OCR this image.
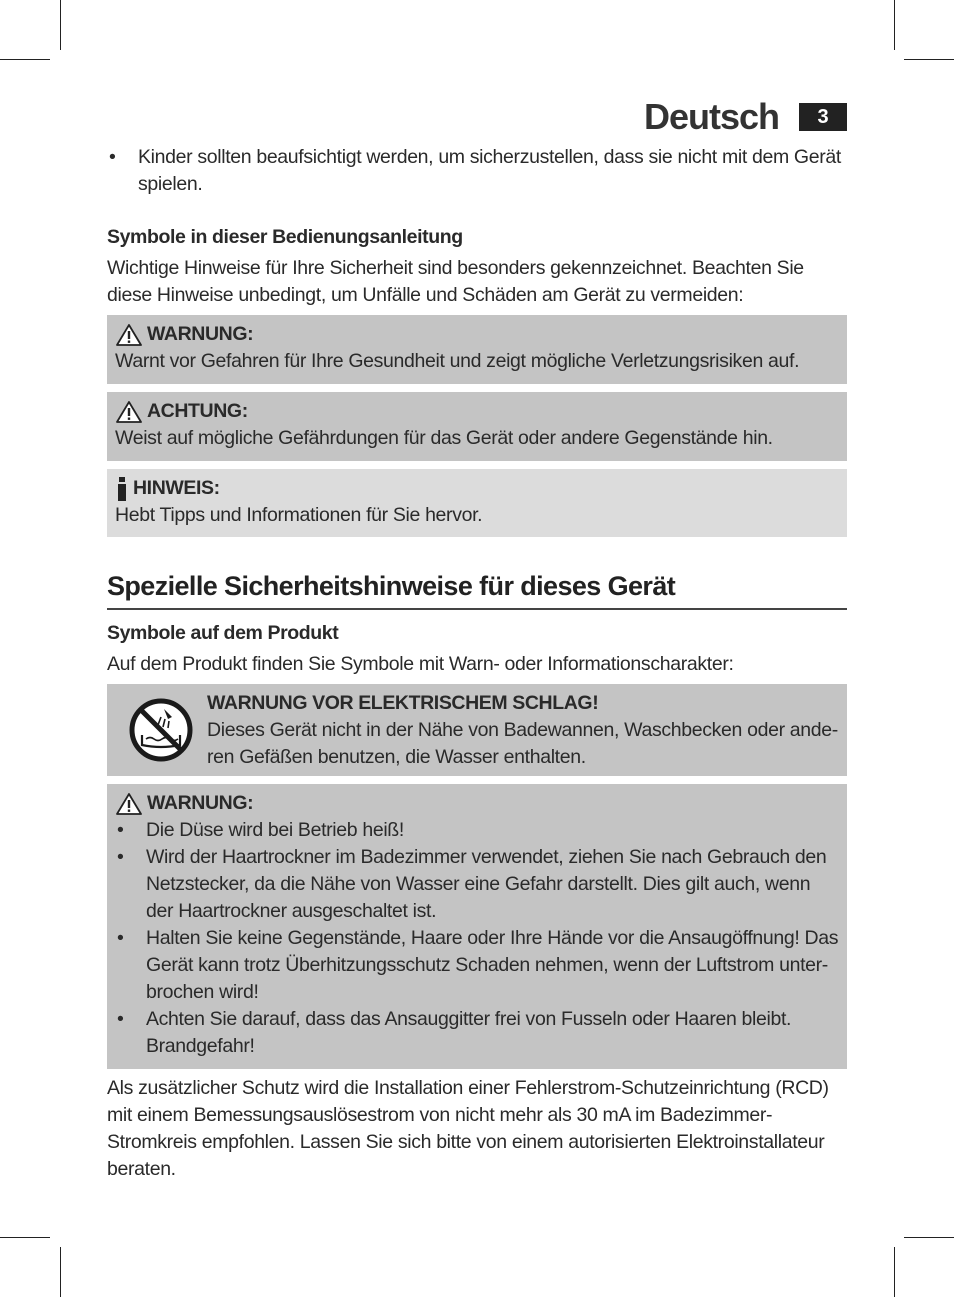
Deutsch	3
• Kinder sollten beaufsichtigt werden, um sicherzustellen, dass sie nicht mit dem Gerät spielen.
Symbole in dieser Bedienungsanleitung
Wichtige Hinweise für Ihre Sicherheit sind besonders gekennzeichnet. Beachten Sie diese Hinweise unbedingt, um Unfälle und Schäden am Gerät zu vermeiden:
WARNUNG:
Warnt vor Gefahren für Ihre Gesundheit und zeigt mögliche Verletzungsrisiken auf.
ACHTUNG:
Weist auf mögliche Gefährdungen für das Gerät oder andere Gegenstände hin.
HINWEIS:
Hebt Tipps und Informationen für Sie hervor.
Spezielle Sicherheitshinweise für dieses Gerät
Symbole auf dem Produkt
Auf dem Produkt finden Sie Symbole mit Warn- oder Informationscharakter:
WARNUNG VOR ELEKTRISCHEM SCHLAG!
Dieses Gerät nicht in der Nähe von Badewannen, Waschbecken oder anderen Gefäßen benutzen, die Wasser enthalten.
WARNUNG:
• Die Düse wird bei Betrieb heiß!
• Wird der Haartrockner im Badezimmer verwendet, ziehen Sie nach Gebrauch den Netzstecker, da die Nähe von Wasser eine Gefahr darstellt. Dies gilt auch, wenn der Haartrockner ausgeschaltet ist.
• Halten Sie keine Gegenstände, Haare oder Ihre Hände vor die Ansaugöffnung! Das Gerät kann trotz Überhitzungsschutz Schaden nehmen, wenn der Luftstrom unterbrochen wird!
• Achten Sie darauf, dass das Ansauggitter frei von Fusseln oder Haaren bleibt. Brandgefahr!
Als zusätzlicher Schutz wird die Installation einer Fehlerstrom-Schutzeinrichtung (RCD) mit einem Bemessungsauslösestrom von nicht mehr als 30 mA im Badezimmer-Stromkreis empfohlen. Lassen Sie sich bitte von einem autorisierten Elektroinstallateur beraten.
